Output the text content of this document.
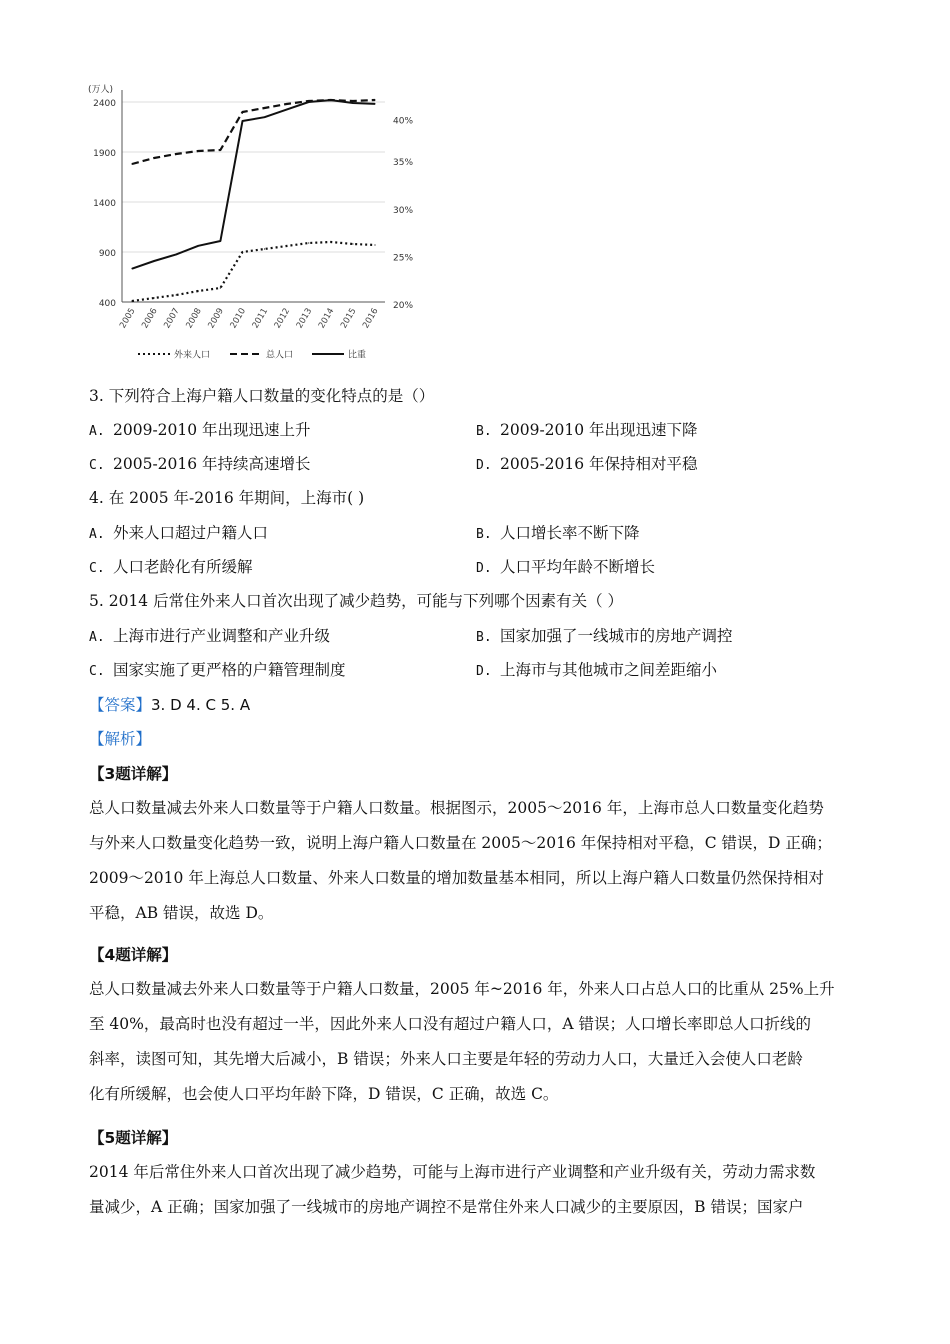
2400
1900
1400
900
400
40%
35%
30%
25%
20%
(万人)
2005 2006 2007 2008 2009 2010 2011 2012 2013 2014 2015 2016
外来人口	总人口	比重
3. 下列符合上海户籍人口数量的变化特点的是（）
A. 2009-2010 年出现迅速上升	B. 2009-2010 年出现迅速下降
C. 2005-2016 年持续高速增长	D. 2005-2016 年保持相对平稳
4. 在 2005 年-2016 年期间，上海市( )
A. 外来人口超过户籍人口	B. 人口增长率不断下降
C. 人口老龄化有所缓解	D. 人口平均年龄不断增长
5. 2014 后常住外来人口首次出现了减少趋势，可能与下列哪个因素有关（ ）
A. 上海市进行产业调整和产业升级	B. 国家加强了一线城市的房地产调控
C. 国家实施了更严格的户籍管理制度	D. 上海市与其他城市之间差距缩小
【答案】3. D 4. C 5. A
【解析】
【3题详解】
总人口数量减去外来人口数量等于户籍人口数量。根据图示，2005～2016 年，上海市总人口数量变化趋势
与外来人口数量变化趋势一致，说明上海户籍人口数量在 2005～2016 年保持相对平稳，C 错误，D 正确；
2009～2010 年上海总人口数量、外来人口数量的增加数量基本相同，所以上海户籍人口数量仍然保持相对
平稳，AB 错误，故选 D。
【4题详解】
总人口数量减去外来人口数量等于户籍人口数量，2005 年~2016 年，外来人口占总人口的比重从 25%上升
至 40%，最高时也没有超过一半，因此外来人口没有超过户籍人口，A 错误；人口增长率即总人口折线的
斜率，读图可知，其先增大后减小，B 错误；外来人口主要是年轻的劳动力人口，大量迁入会使人口老龄
化有所缓解，也会使人口平均年龄下降，D 错误，C 正确，故选 C。
【5题详解】
2014 年后常住外来人口首次出现了减少趋势，可能与上海市进行产业调整和产业升级有关，劳动力需求数
量减少，A 正确；国家加强了一线城市的房地产调控不是常住外来人口减少的主要原因，B 错误；国家户
